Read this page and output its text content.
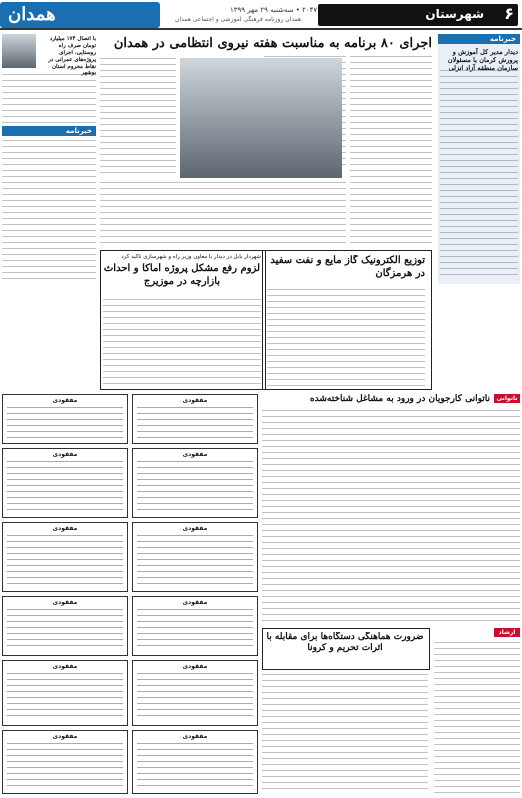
همدان	۲۰۴۷ • سه‌شنبه ۲۹ مهر ۱۳۹۹
همدان روزنامه فرهنگی آموزشی و اجتماعی همدان	شهرستان	۶
خبرنامه
دیدار مدیر کل آموزش و پرورش کرمان با مسئولان سازمان منطقه آزاد انزلی
اجرای ۸۰ برنامه به مناسبت هفته نیروی انتظامی در همدان
با اتصال ۱۷۴ میلیارد تومان صرف راه روستایی، اجرای پروژه‌های عمرانی در نقاط محروم استان بوشهر
خبرنامه
توزیع الکترونیک گاز مایع و نفت سفید در هرمزگان
شهردار بابل در دیدار با معاون وزیر راه و شهرسازی تاکید کرد
لزوم رفع مشکل پروژه آماکا و احداث بازارچه در موزیرج
ناتوانی
ناتوانی کارجویان در ورود به مشاغل شناخته‌شده
ارشاد
ضرورت هماهنگی دستگاه‌ها برای مقابله با اثرات تحریم و کرونا
مفقودی	مفقودی
مفقودی	مفقودی
مفقودی	مفقودی
مفقودی	مفقودی
مفقودی	مفقودی
مفقودی	مفقودی
